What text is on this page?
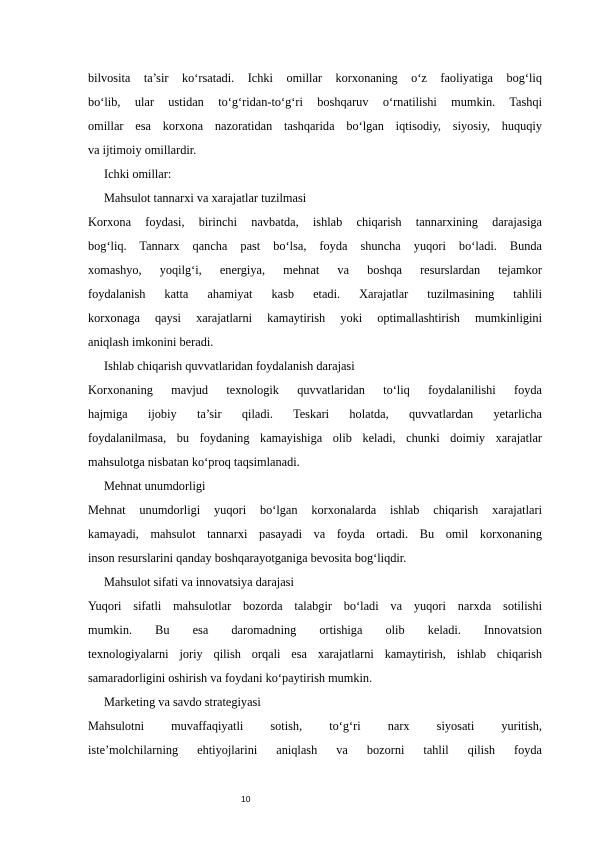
bilvosita ta’sir ko‘rsatadi. Ichki omillar korxonaning o‘z faoliyatiga bog‘liq

bo‘lib, ular ustidan to‘g‘ridan-to‘g‘ri boshqaruv o‘rnatilishi mumkin. Tashqi

omillar esa korxona nazoratidan tashqarida bo‘lgan iqtisodiy, siyosiy, huquqiy

va ijtimoiy omillardir.

Ichki omillar:

Mahsulot tannarxi va xarajatlar tuzilmasi

Korxona foydasi, birinchi navbatda, ishlab chiqarish tannarxining darajasiga

bog‘liq. Tannarx qancha past bo‘lsa, foyda shuncha yuqori bo‘ladi. Bunda

xomashyo, yoqilg‘i, energiya, mehnat va boshqa resurslardan tejamkor

foydalanish katta ahamiyat kasb etadi. Xarajatlar tuzilmasining tahlili

korxonaga qaysi xarajatlarni kamaytirish yoki optimallashtirish mumkinligini

aniqlash imkonini beradi.

Ishlab chiqarish quvvatlaridan foydalanish darajasi

Korxonaning mavjud texnologik quvvatlaridan to‘liq foydalanilishi foyda

hajmiga ijobiy ta’sir qiladi. Teskari holatda, quvvatlardan yetarlicha

foydalanilmasa, bu foydaning kamayishiga olib keladi, chunki doimiy xarajatlar

mahsulotga nisbatan ko‘proq taqsimlanadi.

Mehnat unumdorligi

Mehnat unumdorligi yuqori bo‘lgan korxonalarda ishlab chiqarish xarajatlari

kamayadi, mahsulot tannarxi pasayadi va foyda ortadi. Bu omil korxonaning

inson resurslarini qanday boshqarayotganiga bevosita bog‘liqdir.

Mahsulot sifati va innovatsiya darajasi

Yuqori sifatli mahsulotlar bozorda talabgir bo‘ladi va yuqori narxda sotilishi

mumkin. Bu esa daromadning ortishiga olib keladi. Innovatsion

texnologiyalarni joriy qilish orqali esa xarajatlarni kamaytirish, ishlab chiqarish

samaradorligini oshirish va foydani ko‘paytirish mumkin.

Marketing va savdo strategiyasi

Mahsulotni muvaffaqiyatli sotish, to‘g‘ri narx siyosati yuritish,

iste’molchilarning ehtiyojlarini aniqlash va bozorni tahlil qilish foyda

10
